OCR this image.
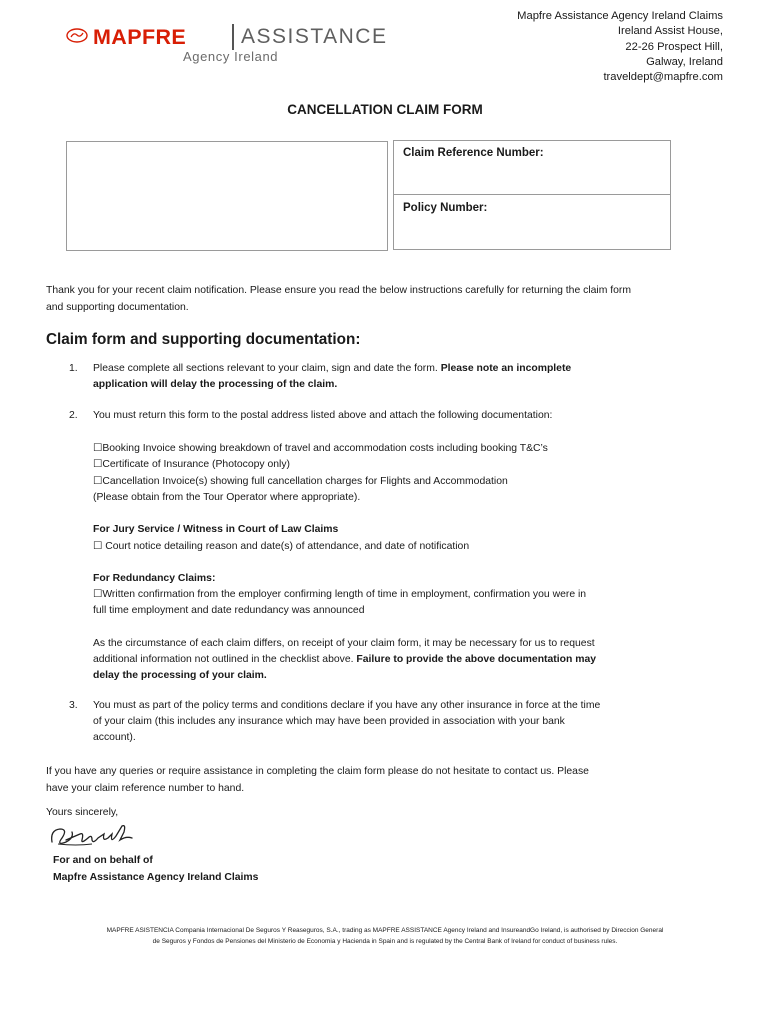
MAPFRE	ASSISTANCE
Agency Ireland
Mapfre Assistance Agency Ireland Claims
Ireland Assist House,
22-26 Prospect Hill,
Galway, Ireland
traveldept@mapfre.com
CANCELLATION CLAIM FORM
Claim Reference Number:
Policy Number:
Thank you for your recent claim notification. Please ensure you read the below instructions carefully for returning the claim form
and supporting documentation.
Claim form and supporting documentation:
1. Please complete all sections relevant to your claim, sign and date the form. Please note an incomplete
application will delay the processing of the claim.
2. You must return this form to the postal address listed above and attach the following documentation:
☐Booking Invoice showing breakdown of travel and accommodation costs including booking T&C’s
☐Certificate of Insurance (Photocopy only)
☐Cancellation Invoice(s) showing full cancellation charges for Flights and Accommodation
(Please obtain from the Tour Operator where appropriate).
For Jury Service / Witness in Court of Law Claims
☐ Court notice detailing reason and date(s) of attendance, and date of notification
For Redundancy Claims:
☐Written confirmation from the employer confirming length of time in employment, confirmation you were in
full time employment and date redundancy was announced
As the circumstance of each claim differs, on receipt of your claim form, it may be necessary for us to request
additional information not outlined in the checklist above. Failure to provide the above documentation may
delay the processing of your claim.
3. You must as part of the policy terms and conditions declare if you have any other insurance in force at the time
of your claim (this includes any insurance which may have been provided in association with your bank
account).
If you have any queries or require assistance in completing the claim form please do not hesitate to contact us. Please
have your claim reference number to hand.
Yours sincerely,
For and on behalf of
Mapfre Assistance Agency Ireland Claims
MAPFRE ASISTENCIA Compania Internacional De Seguros Y Reaseguros, S.A., trading as MAPFRE ASSISTANCE Agency Ireland and InsureandGo Ireland, is authorised by Direccion General
de Seguros y Fondos de Pensiones del Ministerio de Economia y Hacienda in Spain and is regulated by the Central Bank of Ireland for conduct of business rules.
